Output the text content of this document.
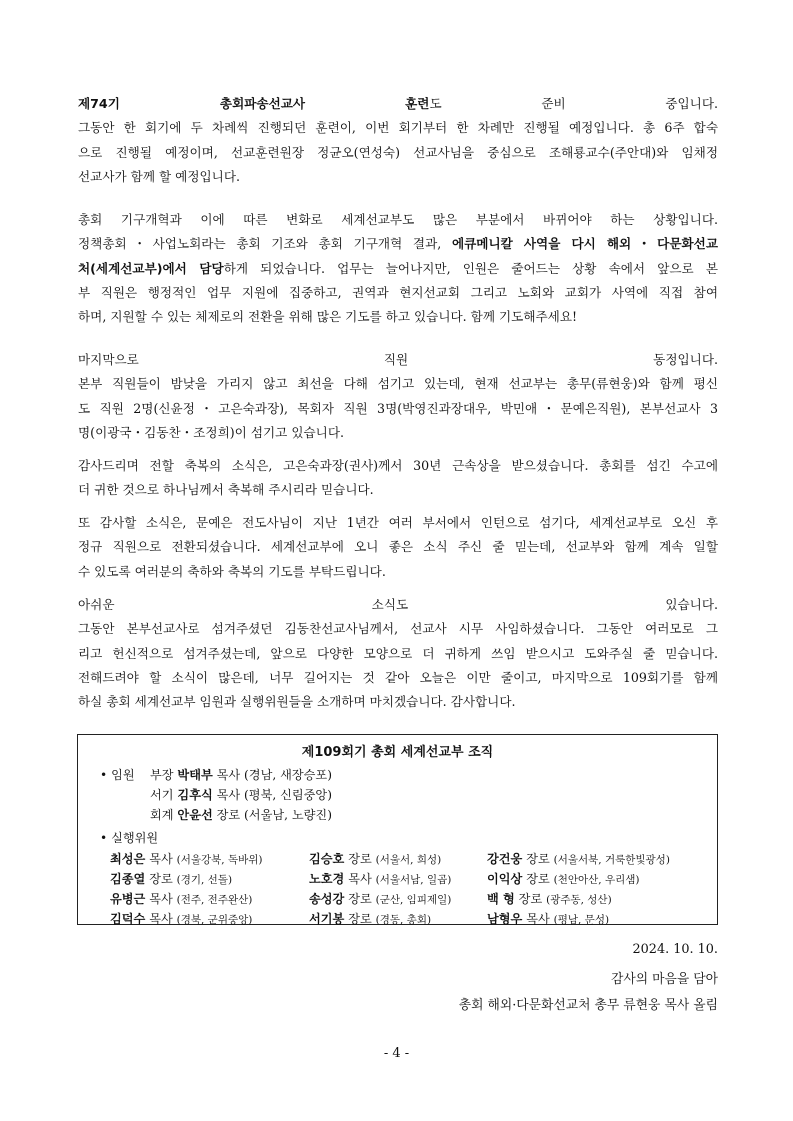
제74기 총회파송선교사 훈련도 준비 중입니다.
그동안 한 회기에 두 차례씩 진행되던 훈련이, 이번 회기부터 한 차례만 진행될 예정입니다. 총 6주 합숙
으로 진행될 예정이며, 선교훈련원장 정균오(연성숙) 선교사님을 중심으로 조해룡교수(주안대)와 임채정
선교사가 함께 할 예정입니다.
총회 기구개혁과 이에 따른 변화로 세계선교부도 많은 부분에서 바뀌어야 하는 상황입니다.
정책총회・사업노회라는 총회 기조와 총회 기구개혁 결과, 에큐메니칼 사역을 다시 해외・다문화선교
처(세계선교부)에서 담당하게 되었습니다. 업무는 늘어나지만, 인원은 줄어드는 상황 속에서 앞으로 본
부 직원은 행정적인 업무 지원에 집중하고, 권역과 현지선교회 그리고 노회와 교회가 사역에 직접 참여
하며, 지원할 수 있는 체제로의 전환을 위해 많은 기도를 하고 있습니다. 함께 기도해주세요!
마지막으로 직원 동정입니다.
본부 직원들이 밤낮을 가리지 않고 최선을 다해 섬기고 있는데, 현재 선교부는 총무(류현웅)와 함께 평신
도 직원 2명(신윤정・고은숙과장), 목회자 직원 3명(박영진과장대우, 박민애・문예은직원), 본부선교사 3
명(이광국・김동찬・조정희)이 섬기고 있습니다.
감사드리며 전할 축복의 소식은, 고은숙과장(권사)께서 30년 근속상을 받으셨습니다. 총회를 섬긴 수고에
더 귀한 것으로 하나님께서 축복해 주시리라 믿습니다.
또 감사할 소식은, 문예은 전도사님이 지난 1년간 여러 부서에서 인턴으로 섬기다, 세계선교부로 오신 후
정규 직원으로 전환되셨습니다. 세계선교부에 오니 좋은 소식 주신 줄 믿는데, 선교부와 함께 계속 일할
수 있도록 여러분의 축하와 축복의 기도를 부탁드립니다.
아쉬운 소식도 있습니다.
그동안 본부선교사로 섬겨주셨던 김동찬선교사님께서, 선교사 시무 사임하셨습니다. 그동안 여러모로 그
리고 헌신적으로 섬겨주셨는데, 앞으로 다양한 모양으로 더 귀하게 쓰임 받으시고 도와주실 줄 믿습니다.
전해드려야 할 소식이 많은데, 너무 길어지는 것 같아 오늘은 이만 줄이고, 마지막으로 109회기를 함께
하실 총회 세계선교부 임원과 실행위원들을 소개하며 마치겠습니다. 감사합니다.
제109회기 총회 세계선교부 조직
• 임원 부장 박태부 목사 (경남, 새장승포)
서기 김후식 목사 (평북, 신림중앙)
회계 안윤선 장로 (서울남, 노량진)
• 실행위원
최성은 목사 (서울강북, 독바위)	김승호 장로 (서울서, 희성)	강건웅 장로 (서울서북, 거룩한빛광성)
김종열 장로 (경기, 선돌)	노호경 목사 (서울서남, 일곱)	이익상 장로 (천안아산, 우리샘)
유병근 목사 (전주, 전주완산)	송성강 장로 (군산, 임피제일)	백 형 장로 (광주동, 성산)
김덕수 목사 (경북, 군위중앙)	서기봉 장로 (경동, 총회)	남형우 목사 (평남, 문성)
2024. 10. 10.
감사의 마음을 담아
총회 해외·다문화선교처 총무 류현웅 목사 올림
- 4 -
